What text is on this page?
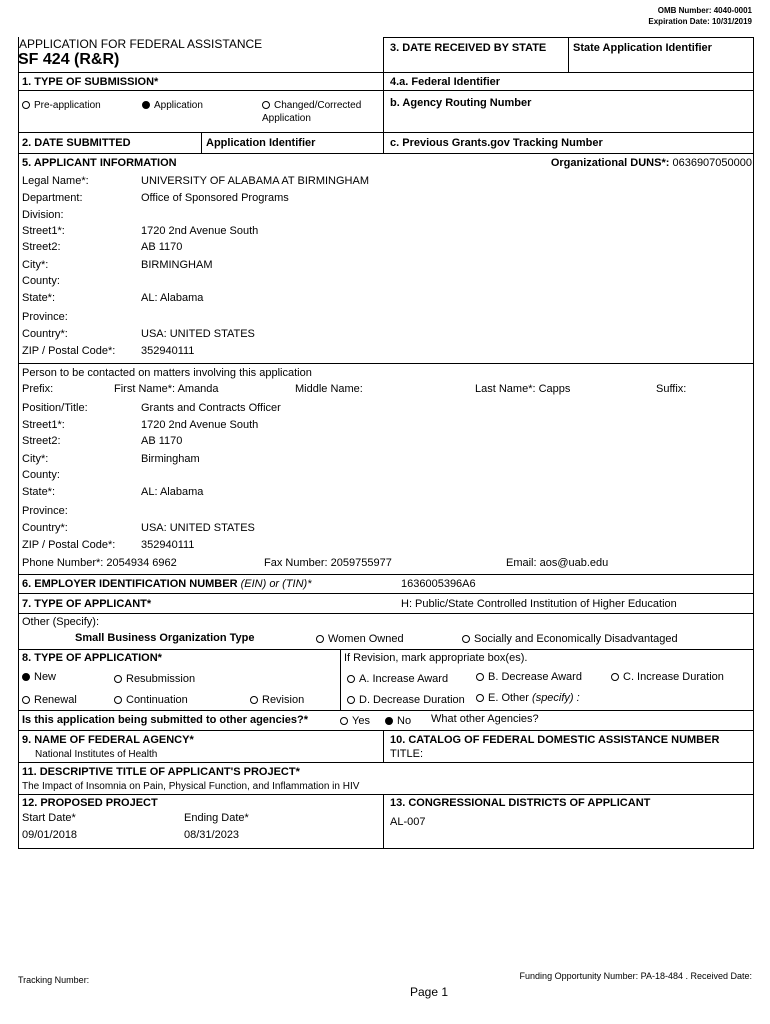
OMB Number: 4040-0001
Expiration Date: 10/31/2019
APPLICATION FOR FEDERAL ASSISTANCE
SF 424 (R&R)
3. DATE RECEIVED BY STATE State Application Identifier
1. TYPE OF SUBMISSION*	4.a. Federal Identifier
Pre-application	Application	Changed/Corrected
Application
b. Agency Routing Number
2. DATE SUBMITTED	Application Identifier	c. Previous Grants.gov Tracking Number
5. APPLICANT INFORMATION	Organizational DUNS*: 0636907050000
Legal Name*:	UNIVERSITY OF ALABAMA AT BIRMINGHAM
Department:	Office of Sponsored Programs
Division:
Street1*:	1720 2nd Avenue South
Street2:	AB 1170
City*:	BIRMINGHAM
County:
State*:	AL: Alabama
Province:
Country*:	USA: UNITED STATES
ZIP / Postal Code*: 352940111
Person to be contacted on matters involving this application
Prefix:	First Name*: Amanda	Middle Name:	Last Name*: Capps	Suffix:
Position/Title:	Grants and Contracts Officer
Street1*:	1720 2nd Avenue South
Street2:	AB 1170
City*:	Birmingham
County:
State*:	AL: Alabama
Province:
Country*:	USA: UNITED STATES
ZIP / Postal Code*: 352940111
Phone Number*: 2054934 6962	Fax Number: 2059755977	Email: aos@uab.edu
6. EMPLOYER IDENTIFICATION NUMBER (EIN) or (TIN)*	1636005396A6
7. TYPE OF APPLICANT*	H: Public/State Controlled Institution of Higher Education
Other (Specify):
Small Business Organization Type	Women Owned	Socially and Economically Disadvantaged
8. TYPE OF APPLICATION*	If Revision, mark appropriate box(es).
New	Resubmission	A. Increase Award	B. Decrease Award	C. Increase Duration
Renewal	Continuation	Revision	D. Decrease Duration	E. Other (specify) :
Is this application being submitted to other agencies?*	Yes	No What other Agencies?
9. NAME OF FEDERAL AGENCY*
National Institutes of Health
10. CATALOG OF FEDERAL DOMESTIC ASSISTANCE NUMBER
TITLE:
11. DESCRIPTIVE TITLE OF APPLICANT'S PROJECT*
The Impact of Insomnia on Pain, Physical Function, and Inflammation in HIV
12. PROPOSED PROJECT
Start Date*	Ending Date*
09/01/2018	08/31/2023
13. CONGRESSIONAL DISTRICTS OF APPLICANT
AL-007
Tracking Number:	Funding Opportunity Number: PA-18-484 . Received Date:
Page 1
